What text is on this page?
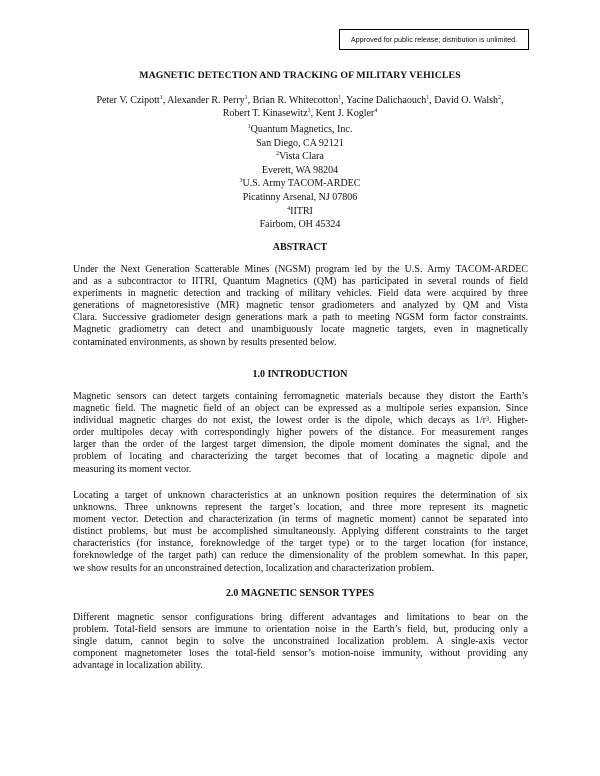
Approved for public release; distribution is unlimited.
MAGNETIC DETECTION AND TRACKING OF MILITARY VEHICLES
Peter V. Czipott$^1$, Alexander R. Perry$^1$, Brian R. Whitecotton$^1$, Yacine Dalichaouch$^1$, David O. Walsh$^2$,
Robert T. Kinasewitz$^3$, Kent J. Kogler$^4$
$^1$Quantum Magnetics, Inc.
San Diego, CA 92121
$^2$Vista Clara
Everett, WA 98204
$^3$U.S. Army TACOM-ARDEC
Picatinny Arsenal, NJ 07806
$^4$IITRI
Fairbom, OH 45324
ABSTRACT
Under the Next Generation Scatterable Mines (NGSM) program led by the U.S. Army TACOM-ARDEC
and as a subcontractor to IITRI, Quantum Magnetics (QM) has participated in several rounds of field
experiments in magnetic detection and tracking of military vehicles. Field data were acquired by three
generations of magnetoresistive (MR) magnetic tensor gradiometers and analyzed by QM and Vista
Clara. Successive gradiometer design generations mark a path to meeting NGSM form factor constraints.
Magnetic gradiometry can detect and unambiguously locate magnetic targets, even in magnetically
contaminated environments, as shown by results presented below.
1.0 INTRODUCTION
Magnetic sensors can detect targets containing ferromagnetic materials because they distort the Earth’s
magnetic field. The magnetic field of an object can be expressed as a multipole series expansion. Since
individual magnetic charges do not exist, the lowest order is the dipole, which decays as 1/r³. Higher-
order multipoles decay with correspondingly higher powers of the distance. For measurement ranges
larger than the order of the largest target dimension, the dipole moment dominates the signal, and the
problem of locating and characterizing the target becomes that of locating a magnetic dipole and
measuring its moment vector.
Locating a target of unknown characteristics at an unknown position requires the determination of six
unknowns. Three unknowns represent the target’s location, and three more represent its magnetic
moment vector. Detection and characterization (in terms of magnetic moment) cannot be separated into
distinct problems, but must be accomplished simultaneously. Applying different constraints to the target
characteristics (for instance, foreknowledge of the target type) or to the target location (for instance,
foreknowledge of the target path) can reduce the dimensionality of the problem somewhat. In this paper,
we show results for an unconstrained detection, localization and characterization problem.
2.0 MAGNETIC SENSOR TYPES
Different magnetic sensor configurations bring different advantages and limitations to bear on the
problem. Total-field sensors are immune to orientation noise in the Earth’s field, but, producing only a
single datum, cannot begin to solve the unconstrained localization problem. A single-axis vector
component magnetometer loses the total-field sensor’s motion-noise immunity, without providing any
advantage in localization ability.
